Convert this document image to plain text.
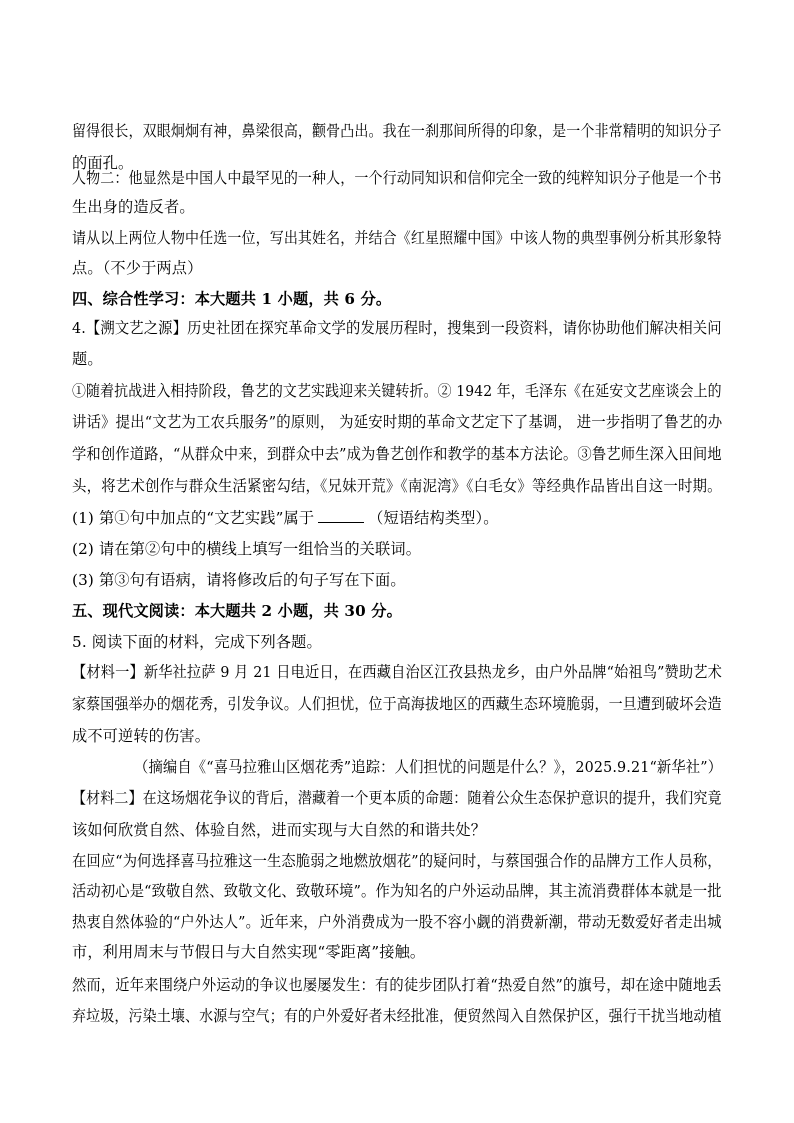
留得很长，双眼炯炯有神，鼻梁很高，颧骨凸出。我在一刹那间所得的印象，是一个非常精明的知识分子
的面孔。
人物二：他显然是中国人中最罕见的一种人，一个行动同知识和信仰完全一致的纯粹知识分子他是一个书
生出身的造反者。
请从以上两位人物中任选一位，写出其姓名，并结合《红星照耀中国》中该人物的典型事例分析其形象特
点。（不少于两点）
四、综合性学习：本大题共 1 小题，共 6 分。
4.【溯文艺之源】历史社团在探究革命文学的发展历程时，搜集到一段资料，请你协助他们解决相关问
题。
①随着抗战进入相持阶段，鲁艺的文艺实践迎来关键转折。② 1942 年，毛泽东《在延安文艺座谈会上的
讲话》提出“文艺为工农兵服务”的原则， 为延安时期的革命文艺定下了基调， 进一步指明了鲁艺的办
学和创作道路，“从群众中来，到群众中去”成为鲁艺创作和教学的基本方法论。③鲁艺师生深入田间地
头，将艺术创作与群众生活紧密勾结，《兄妹开荒》《南泥湾》《白毛女》等经典作品皆出自这一时期。
(1) 第①句中加点的“文艺实践”属于	（短语结构类型）。
(2) 请在第②句中的横线上填写一组恰当的关联词。
(3) 第③句有语病，请将修改后的句子写在下面。
五、现代文阅读：本大题共 2 小题，共 30 分。
5. 阅读下面的材料，完成下列各题。
【材料一】新华社拉萨 9 月 21 日电近日，在西藏自治区江孜县热龙乡，由户外品牌“始祖鸟”赞助艺术
家蔡国强举办的烟花秀，引发争议。人们担忧，位于高海拔地区的西藏生态环境脆弱，一旦遭到破坏会造
成不可逆转的伤害。
（摘编自《“喜马拉雅山区烟花秀”追踪：人们担忧的问题是什么？》，2025.9.21“新华社”）
【材料二】在这场烟花争议的背后，潜藏着一个更本质的命题：随着公众生态保护意识的提升，我们究竟
该如何欣赏自然、体验自然，进而实现与大自然的和谐共处？
在回应“为何选择喜马拉雅这一生态脆弱之地燃放烟花”的疑问时，与蔡国强合作的品牌方工作人员称，
活动初心是“致敬自然、致敬文化、致敬环境”。作为知名的户外运动品牌，其主流消费群体本就是一批
热衷自然体验的“户外达人”。近年来，户外消费成为一股不容小觑的消费新潮，带动无数爱好者走出城
市，利用周末与节假日与大自然实现“零距离”接触。
然而，近年来围绕户外运动的争议也屡屡发生：有的徒步团队打着“热爱自然”的旗号，却在途中随地丢
弃垃圾，污染土壤、水源与空气；有的户外爱好者未经批准，便贸然闯入自然保护区，强行干扰当地动植
